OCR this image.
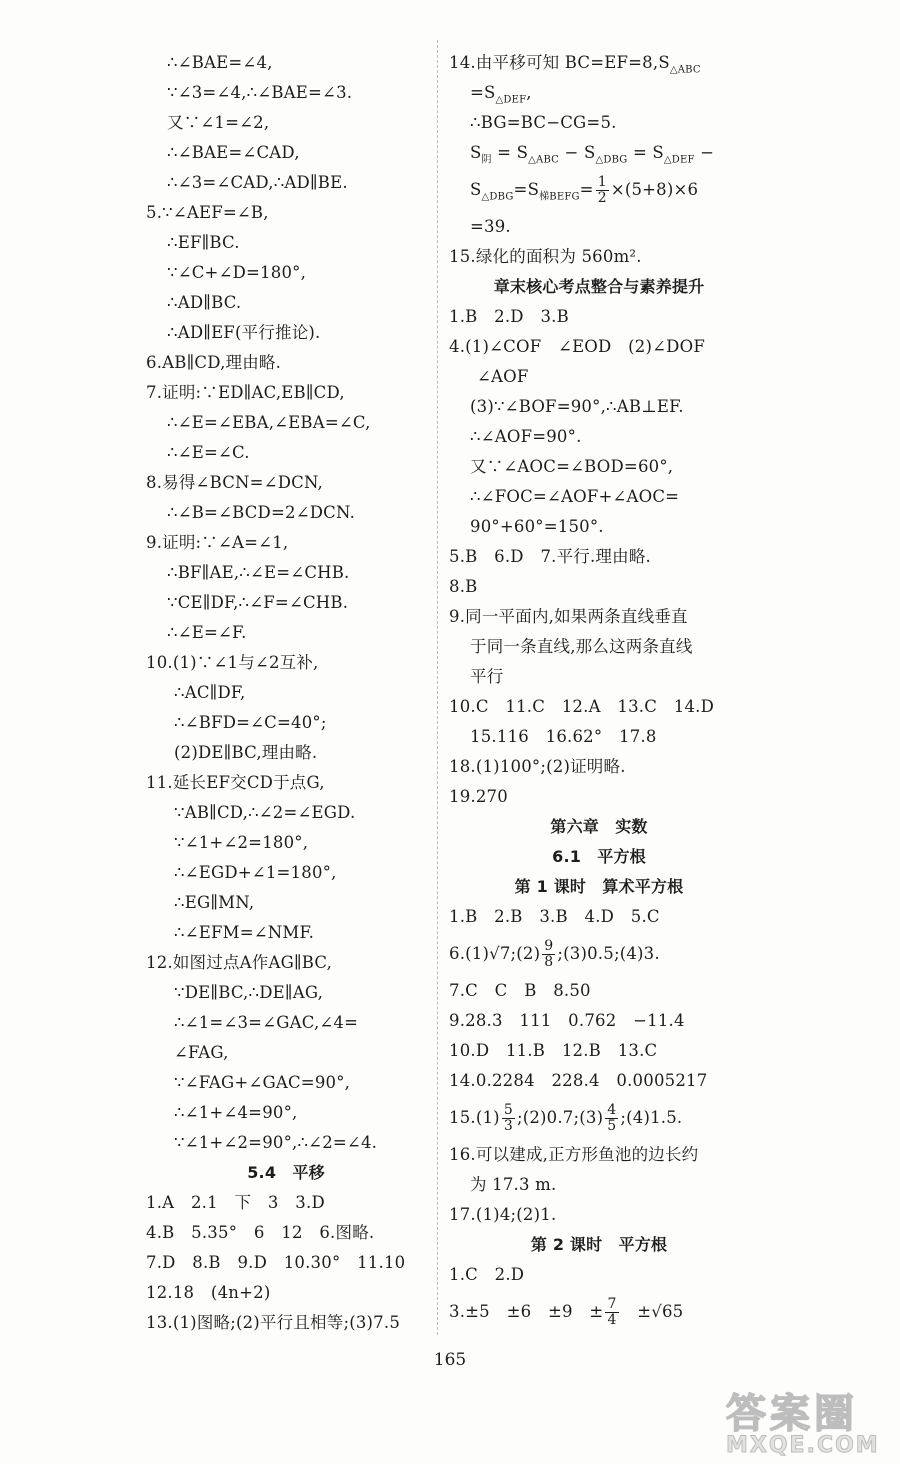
∴∠BAE=∠4,
∵∠3=∠4,∴∠BAE=∠3.
又∵∠1=∠2,
∴∠BAE=∠CAD,
∴∠3=∠CAD,∴AD∥BE.
5.∵∠AEF=∠B,
∴EF∥BC.
∵∠C+∠D=180°,
∴AD∥BC.
∴AD∥EF(平行推论).
6.AB∥CD,理由略.
7.证明:∵ED∥AC,EB∥CD,
∴∠E=∠EBA,∠EBA=∠C,
∴∠E=∠C.
8.易得∠BCN=∠DCN,
∴∠B=∠BCD=2∠DCN.
9.证明:∵∠A=∠1,
∴BF∥AE,∴∠E=∠CHB.
∵CE∥DF,∴∠F=∠CHB.
∴∠E=∠F.
10.(1)∵∠1与∠2互补,
∴AC∥DF,
∴∠BFD=∠C=40°;
(2)DE∥BC,理由略.
11.延长EF交CD于点G,
∵AB∥CD,∴∠2=∠EGD.
∵∠1+∠2=180°,
∴∠EGD+∠1=180°,
∴EG∥MN,
∴∠EFM=∠NMF.
12.如图过点A作AG∥BC,
∵DE∥BC,∴DE∥AG,
∴∠1=∠3=∠GAC,∠4=
∠FAG,
∵∠FAG+∠GAC=90°,
∴∠1+∠4=90°,
∵∠1+∠2=90°,∴∠2=∠4.
5.4　平移
1.A　2.1　下　3　3.D
4.B　5.35°　6　12　6.图略.
7.D　8.B　9.D　10.30°　11.10
12.18　(4n+2)
13.(1)图略;(2)平行且相等;(3)7.5
14.由平移可知 $BC=EF=8,S_{\triangle ABC}$
$=S_{\triangle DEF}$,
∴BG=BC−CG=5.
$S_阴 = S_{\triangle ABC} - S_{\triangle DBG} = S_{\triangle DEF}$ −
$S_{\triangle DBG}=S_{梯BEFG}= \frac{1}{2} \times(5+8)\times 6$
=39.
15.绿化的面积为 560m².
章末核心考点整合与素养提升
1.B　2.D　3.B
4.(1)∠COF　∠EOD　(2)∠DOF
∠AOF
(3)∵∠BOF=90°,∴AB⊥EF.
∴∠AOF=90°.
又∵∠AOC=∠BOD=60°,
∴∠FOC=∠AOF+∠AOC=
90°+60°=150°.
5.B　6.D　7.平行.理由略.
8.B
9.同一平面内,如果两条直线垂直
于同一条直线,那么这两条直线
平行
10.C　11.C　12.A　13.C　14.D
15.116　16.62°　17.8
18.(1)100°;(2)证明略.
19.270
第六章　实数
6.1　平方根
第 1 课时　算术平方根
1.B　2.B　3.B　4.D　5.C
6.(1)√7;(2) $\frac{9}{8}$ ;(3)0.5;(4)3.
7.C　C　B　8.50
9.28.3　111　0.762　−11.4
10.D　11.B　12.B　13.C
14.0.2284　228.4　0.0005217
$15.(1) \frac{5}{3}$ ;(2)0.7;(3) $\frac{4}{5}$ ;(4)1.5.
16.可以建成,正方形鱼池的边长约
为 17.3 m.
17.(1)4;(2)1.
第 2 课时　平方根
1.C　2.D
3.±5　±6　±9　± $\frac{7}{4}$ 　±√65
165
答案圈
MXQE.COM
